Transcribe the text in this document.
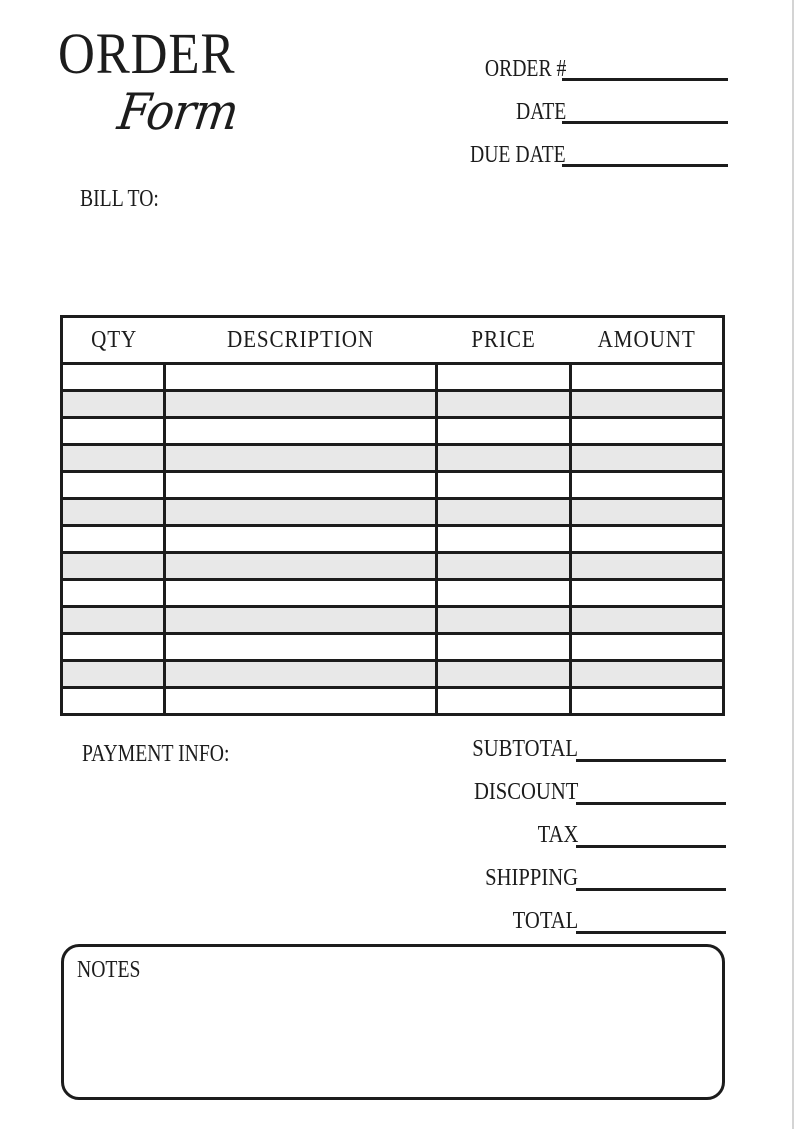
ORDER
Form
ORDER #
DATE
DUE DATE
BILL TO:
QTY	DESCRIPTION	PRICE	AMOUNT

PAYMENT INFO:	SUBTOTAL
DISCOUNT
TAX
SHIPPING
TOTAL
NOTES
